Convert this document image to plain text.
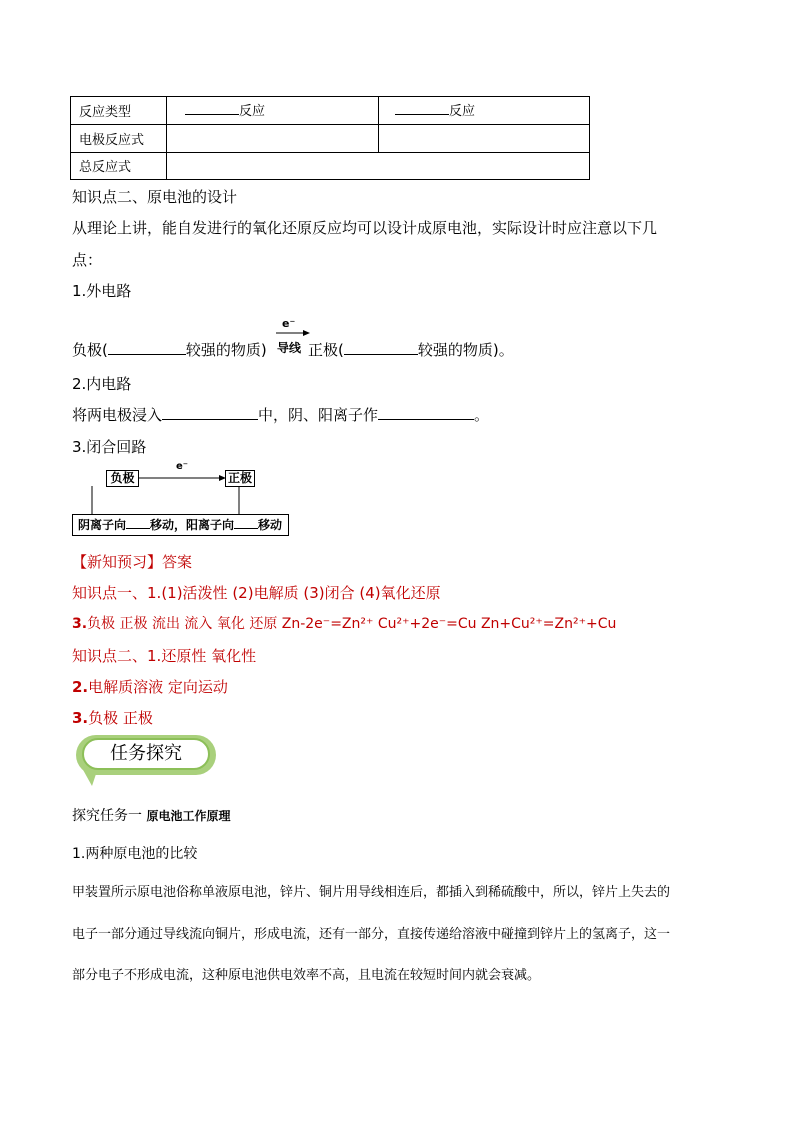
反应类型	反应	反应
电极反应式
总反应式
知识点二、原电池的设计
从理论上讲，能自发进行的氧化还原反应均可以设计成原电池，实际设计时应注意以下几
点：
1.外电路
负极(	较强的物质)
e⁻
导线 正极(	较强的物质)。
2.内电路
将两电极浸入	中，阴、阳离子作	。
3.闭合回路
负极	正极
e⁻
阴离子向 移动，阳离子向 移动
【新知预习】答案
知识点一、1.(1)活泼性 (2)电解质 (3)闭合 (4)氧化还原
3.负极 正极 流出 流入 氧化 还原 Zn-2e⁻=Zn²⁺ Cu²⁺+2e⁻=Cu Zn+Cu²⁺=Zn²⁺+Cu
知识点二、1.还原性 氧化性
2.电解质溶液 定向运动
3.负极 正极
任务探究
探究任务一 原电池工作原理
1.两种原电池的比较
甲装置所示原电池俗称单液原电池，锌片、铜片用导线相连后，都插入到稀硫酸中，所以，锌片上失去的
电子一部分通过导线流向铜片，形成电流，还有一部分，直接传递给溶液中碰撞到锌片上的氢离子，这一
部分电子不形成电流，这种原电池供电效率不高，且电流在较短时间内就会衰减。
